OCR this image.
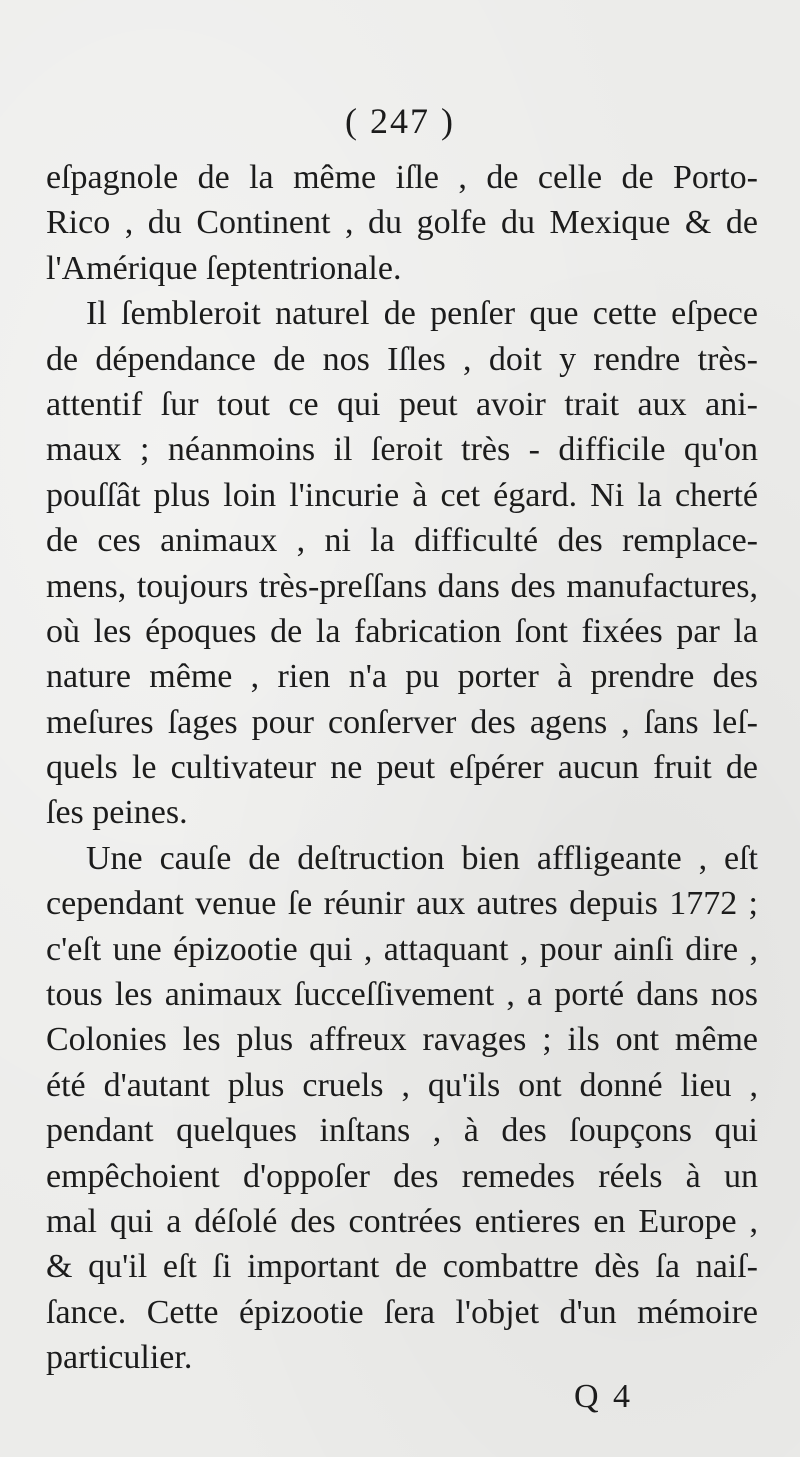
( 247 )
eſpagnole de la même iſle , de celle de Porto-
Rico , du Continent , du golfe du Mexique & de
l'Amérique ſeptentrionale.
Il ſembleroit naturel de penſer que cette eſpece
de dépendance de nos Iſles , doit y rendre très-
attentif ſur tout ce qui peut avoir trait aux ani-
maux ; néanmoins il ſeroit très - difficile qu'on
pouſſât plus loin l'incurie à cet égard. Ni la cherté
de ces animaux , ni la difficulté des remplace-
mens, toujours très-preſſans dans des manufactures,
où les époques de la fabrication ſont fixées par la
nature même , rien n'a pu porter à prendre des
meſures ſages pour conſerver des agens , ſans leſ-
quels le cultivateur ne peut eſpérer aucun fruit de
ſes peines.
Une cauſe de deſtruction bien affligeante , eſt
cependant venue ſe réunir aux autres depuis 1772 ;
c'eſt une épizootie qui , attaquant , pour ainſi dire ,
tous les animaux ſucceſſivement , a porté dans nos
Colonies les plus affreux ravages ; ils ont même
été d'autant plus cruels , qu'ils ont donné lieu ,
pendant quelques inſtans , à des ſoupçons qui
empêchoient d'oppoſer des remedes réels à un
mal qui a déſolé des contrées entieres en Europe ,
& qu'il eſt ſi important de combattre dès ſa naiſ-
ſance. Cette épizootie ſera l'objet d'un mémoire
particulier.
Q 4
